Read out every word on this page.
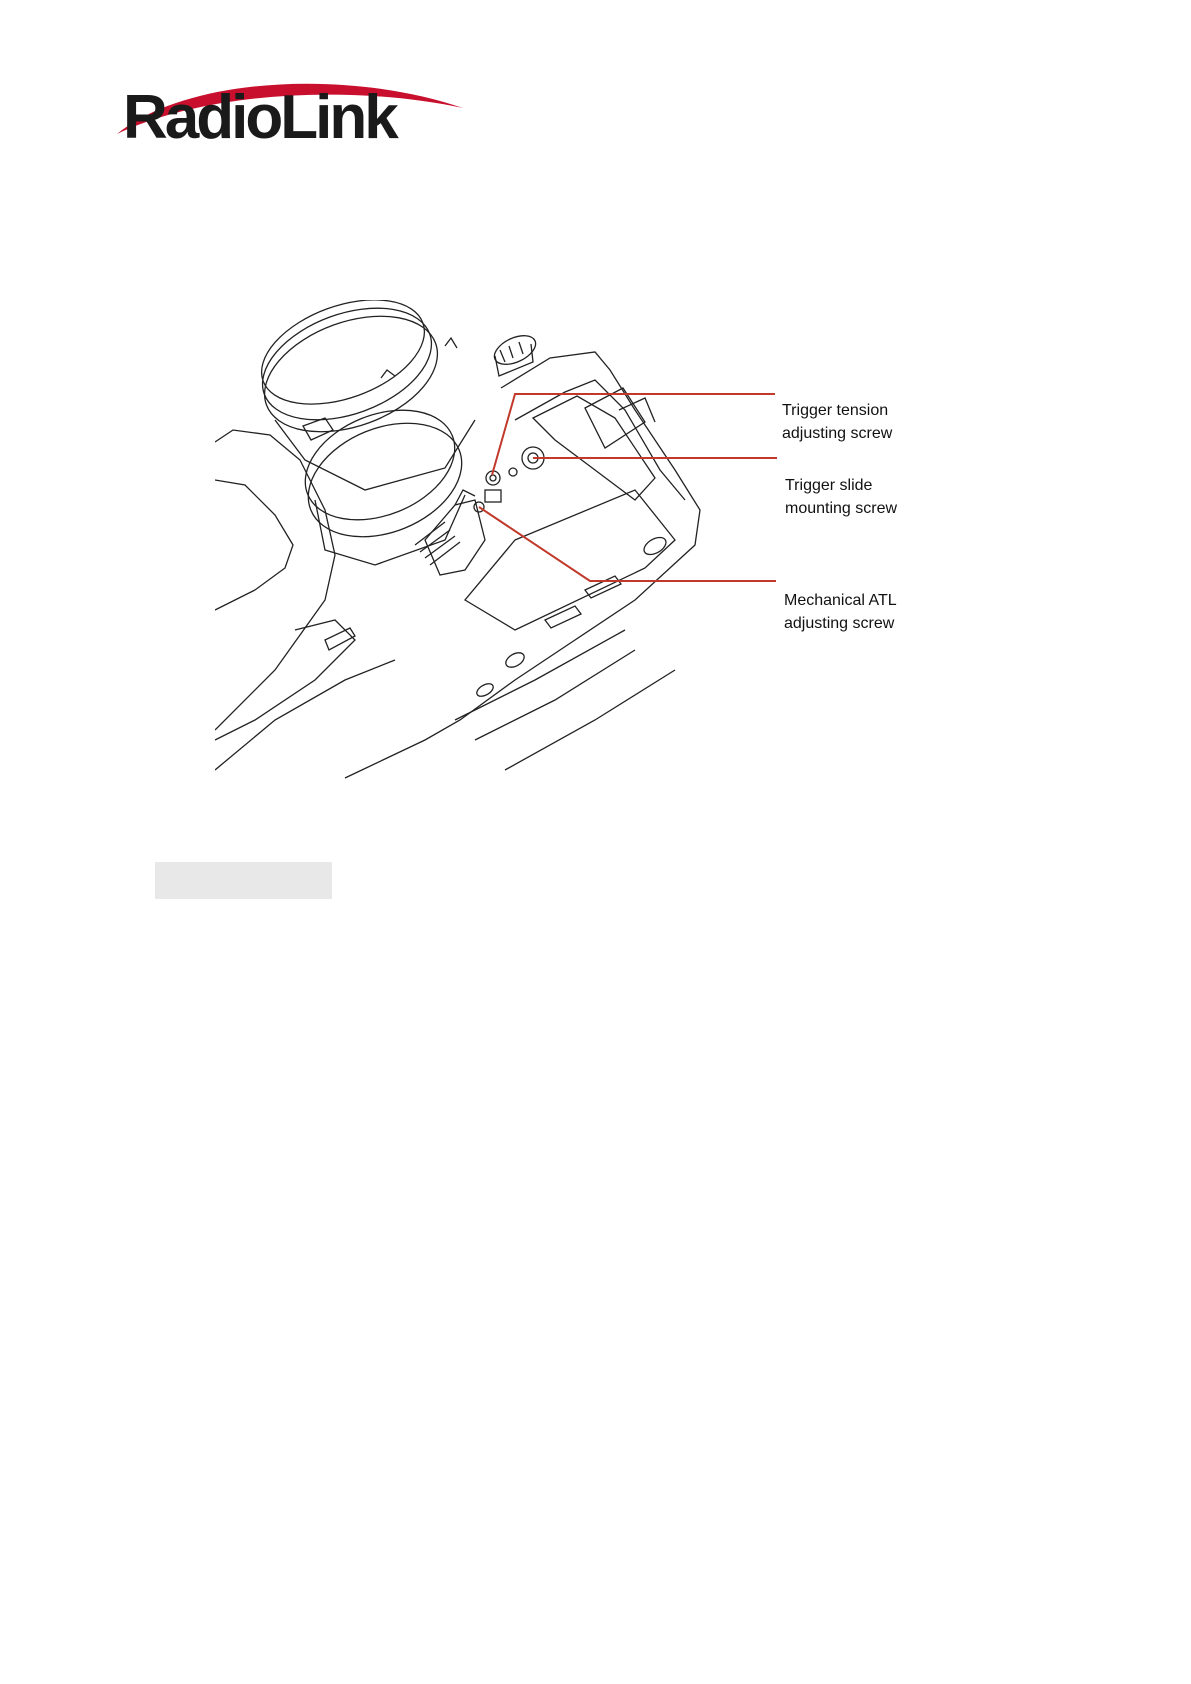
RadioLink
Trigger tension
adjusting screw
Trigger slide
mounting screw
Mechanical ATL
adjusting screw
